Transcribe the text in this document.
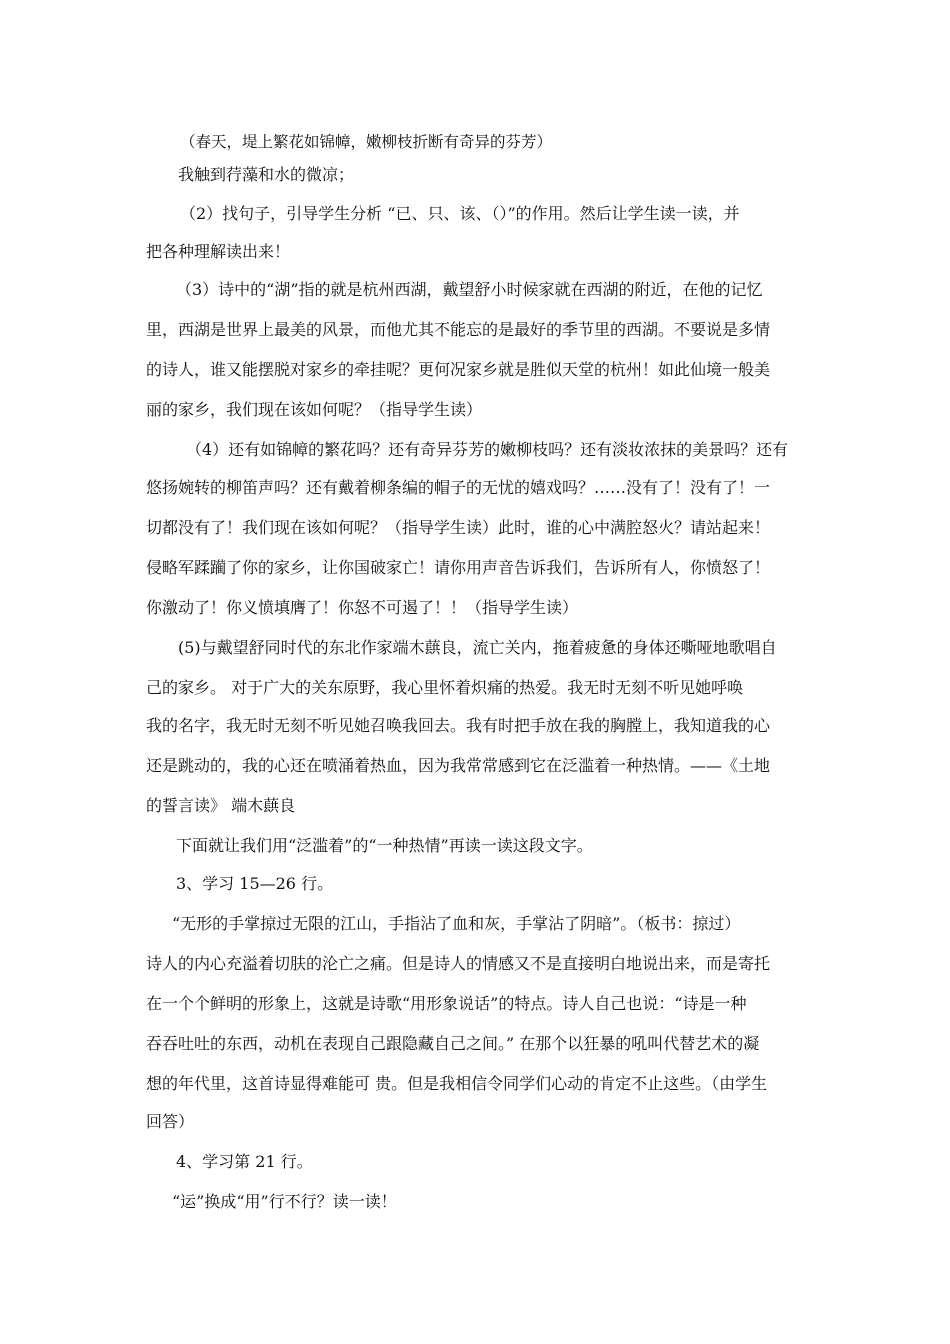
（春天，堤上繁花如锦幛，嫩柳枝折断有奇异的芬芳）
我触到荇藻和水的微凉；
（2）找句子，引导学生分析 “已、只、该、（）”的作用。然后让学生读一读，并
把各种理解读出来！
（3）诗中的“湖”指的就是杭州西湖，戴望舒小时候家就在西湖的附近，在他的记忆
里，西湖是世界上最美的风景，而他尤其不能忘的是最好的季节里的西湖。不要说是多情
的诗人，谁又能摆脱对家乡的牵挂呢？更何况家乡就是胜似天堂的杭州！如此仙境一般美
丽的家乡，我们现在该如何呢？（指导学生读）
（4）还有如锦幛的繁花吗？还有奇异芬芳的嫩柳枝吗？还有淡妆浓抹的美景吗？还有
悠扬婉转的柳笛声吗？还有戴着柳条编的帽子的无忧的嬉戏吗？……没有了！没有了！一
切都没有了！我们现在该如何呢？（指导学生读）此时，谁的心中满腔怒火？请站起来！
侵略军蹂躏了你的家乡，让你国破家亡！请你用声音告诉我们，告诉所有人，你愤怒了！
你激动了！你义愤填膺了！你怒不可遏了！！（指导学生读）
(5)与戴望舒同时代的东北作家端木蕻良，流亡关内，拖着疲惫的身体还嘶哑地歌唱自
己的家乡。 对于广大的关东原野，我心里怀着炽痛的热爱。我无时无刻不听见她呼唤
我的名字，我无时无刻不听见她召唤我回去。我有时把手放在我的胸膛上，我知道我的心
还是跳动的，我的心还在喷涌着热血，因为我常常感到它在泛滥着一种热情。——《土地
的誓言读》 端木蕻良
下面就让我们用“泛滥着”的“一种热情”再读一读这段文字。
3、学习 15—26 行。
“无形的手掌掠过无限的江山，手指沾了血和灰，手掌沾了阴暗”。（板书：掠过）
诗人的内心充溢着切肤的沦亡之痛。但是诗人的情感又不是直接明白地说出来，而是寄托
在一个个鲜明的形象上，这就是诗歌“用形象说话”的特点。诗人自己也说：“诗是一种
吞吞吐吐的东西，动机在表现自己跟隐藏自己之间。” 在那个以狂暴的吼叫代替艺术的凝
想的年代里，这首诗显得难能可 贵。但是我相信令同学们心动的肯定不止这些。（由学生
回答）
4、学习第 21 行。
“运”换成“用”行不行？读一读！
